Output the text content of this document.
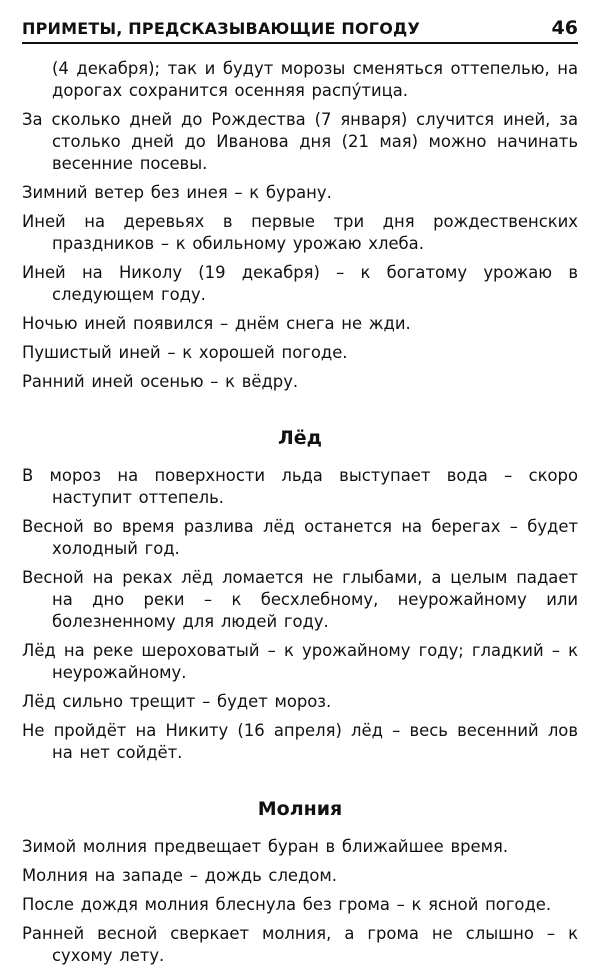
ПРИМЕТЫ, ПРЕДСКАЗЫВАЮЩИЕ ПОГОДУ	46

(4 декабря); так и будут морозы сменяться оттепелью, на дорогах сохранится осенняя распу́тица.

За сколько дней до Рождества (7 января) случится иней, за столько дней до Иванова дня (21 мая) можно начинать весенние посевы.

Зимний ветер без инея – к бурану.

Иней на деревьях в первые три дня рождественских праздников – к обильному урожаю хлеба.

Иней на Николу (19 декабря) – к богатому урожаю в следующем году.

Ночью иней появился – днём снега не жди.

Пушистый иней – к хорошей погоде.

Ранний иней осенью – к вёдру.

Лёд

В мороз на поверхности льда выступает вода – скоро наступит оттепель.

Весной во время разлива лёд останется на берегах – будет холодный год.

Весной на реках лёд ломается не глыбами, а целым падает на дно реки – к бесхлебному, неурожайному или болезненному для людей году.

Лёд на реке шероховатый – к урожайному году; гладкий – к неурожайному.

Лёд сильно трещит – будет мороз.

Не пройдёт на Никиту (16 апреля) лёд – весь весенний лов на нет сойдёт.

Молния

Зимой молния предвещает буран в ближайшее время.

Молния на западе – дождь следом.

После дождя молния блеснула без грома – к ясной погоде.

Ранней весной сверкает молния, а грома не слышно – к сухому лету.
